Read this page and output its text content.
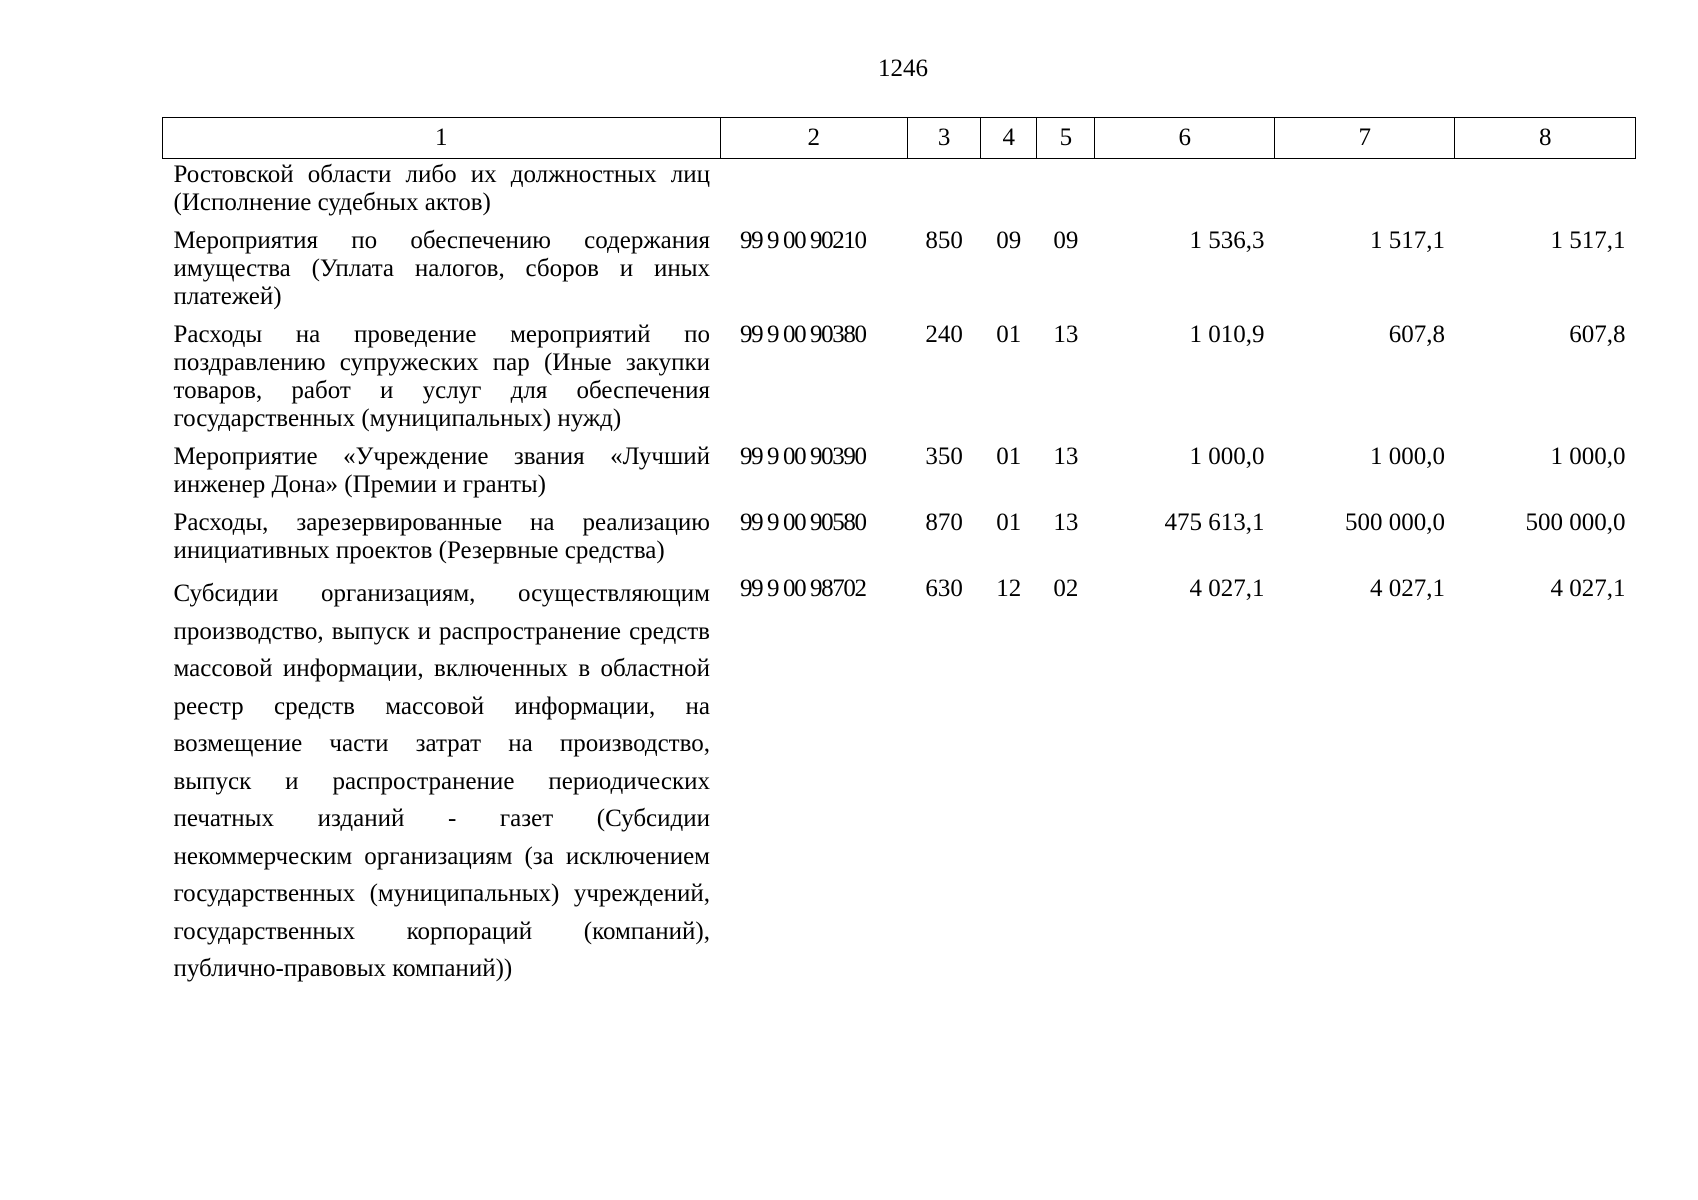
1246
1	2	3	4	5	6	7	8
Ростовской области либо их должностных лиц (Исполнение судебных актов)							
Мероприятия по обеспечению содержания имущества (Уплата налогов, сборов и иных платежей)	99 9 00 90210	850	09	09	1 536,3	1 517,1	1 517,1
Расходы на проведение мероприятий по поздравлению супружеских пар (Иные закупки товаров, работ и услуг для обеспечения государственных (муниципальных) нужд)	99 9 00 90380	240	01	13	1 010,9	607,8	607,8
Мероприятие «Учреждение звания «Лучший инженер Дона» (Премии и гранты)	99 9 00 90390	350	01	13	1 000,0	1 000,0	1 000,0
Расходы, зарезервированные на реализацию инициативных проектов (Резервные средства)	99 9 00 90580	870	01	13	475 613,1	500 000,0	500 000,0
Субсидии организациям, осуществляющим производство, выпуск и распространение средств массовой информации, включенных в областной реестр средств массовой информации, на возмещение части затрат на производство, выпуск и распространение периодических печатных изданий - газет (Субсидии некоммерческим организациям (за исключением государственных (муниципальных) учреждений, государственных корпораций (компаний), публично-правовых компаний))	99 9 00 98702	630	12	02	4 027,1	4 027,1	4 027,1
